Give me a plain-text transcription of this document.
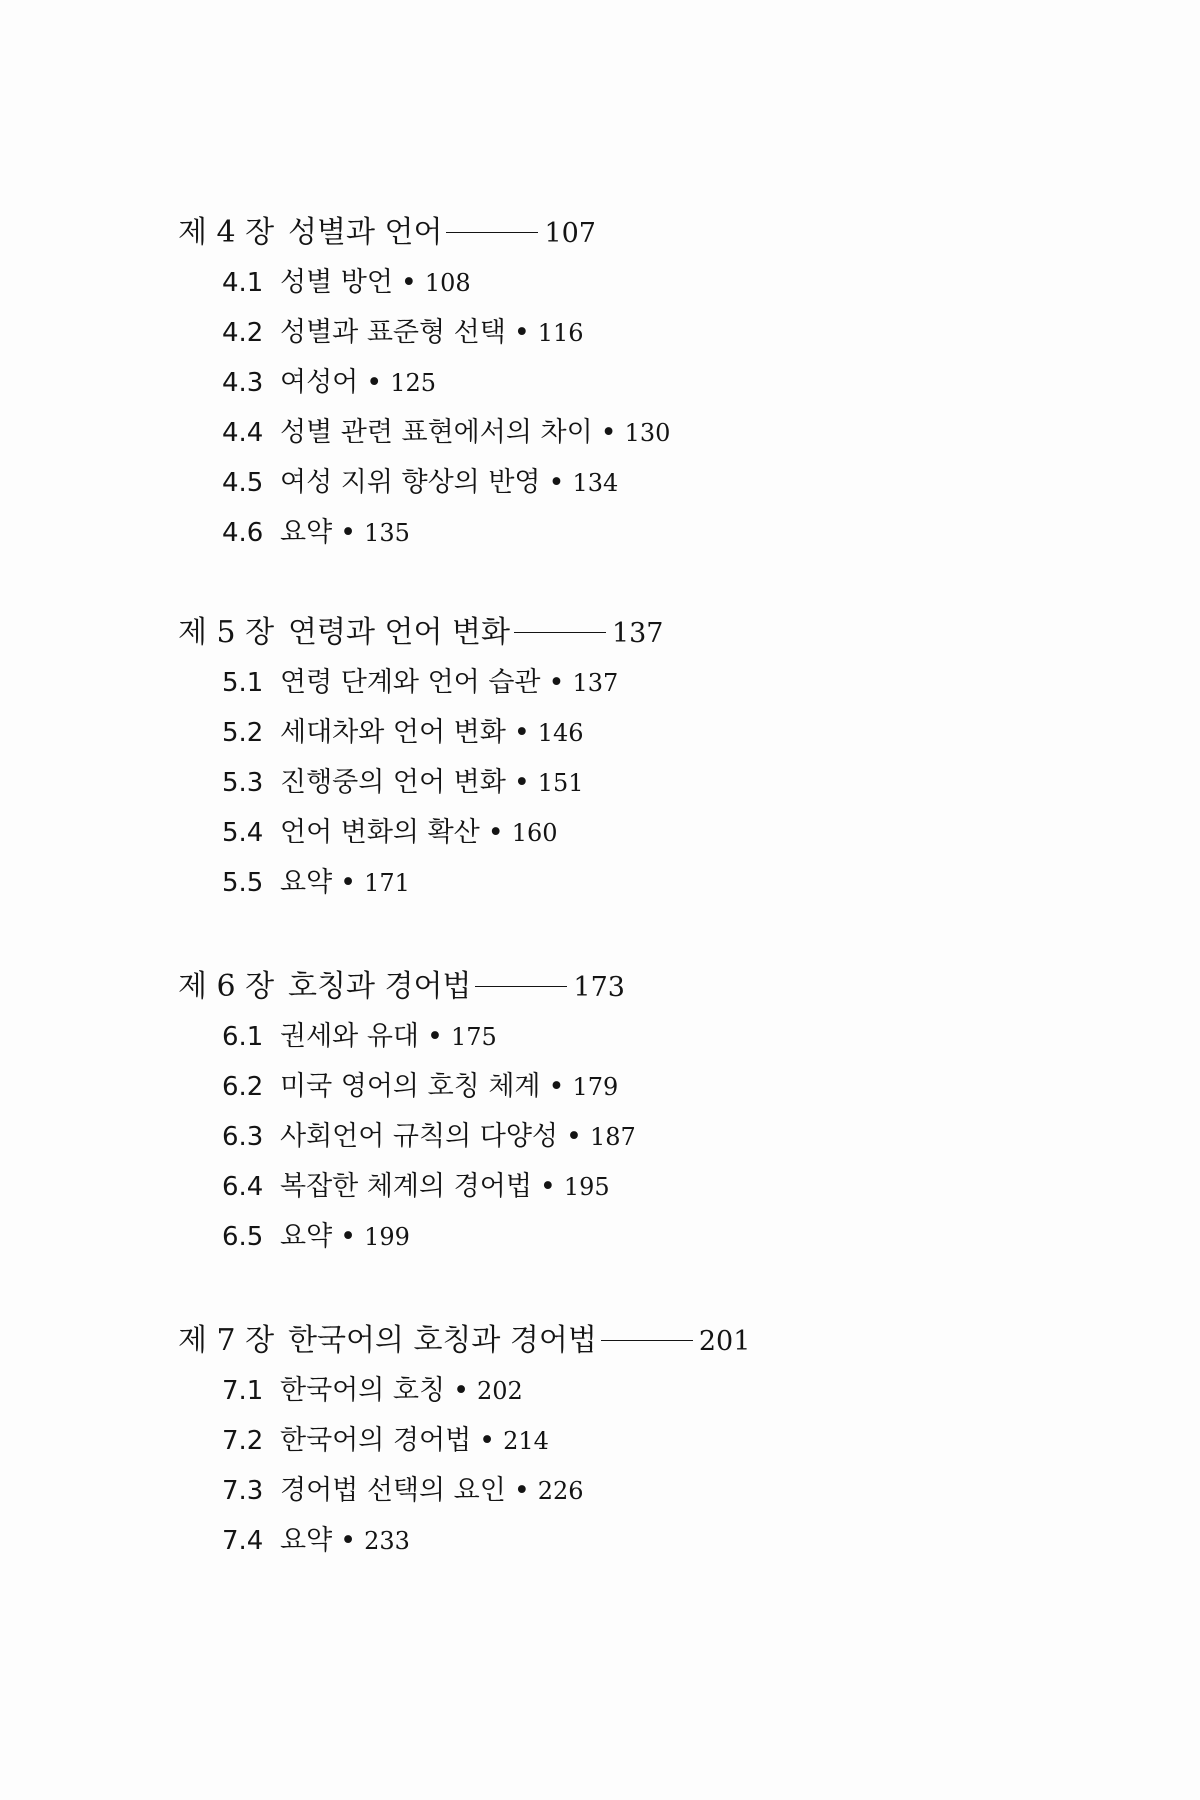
제 4 장 성별과 언어	107
4.1 성별 방언 • 108
4.2 성별과 표준형 선택 • 116
4.3 여성어 • 125
4.4 성별 관련 표현에서의 차이 • 130
4.5 여성 지위 향상의 반영 • 134
4.6 요약 • 135
제 5 장 연령과 언어 변화	137
5.1 연령 단계와 언어 습관 • 137
5.2 세대차와 언어 변화 • 146
5.3 진행중의 언어 변화 • 151
5.4 언어 변화의 확산 • 160
5.5 요약 • 171
제 6 장 호칭과 경어법	173
6.1 권세와 유대 • 175
6.2 미국 영어의 호칭 체계 • 179
6.3 사회언어 규칙의 다양성 • 187
6.4 복잡한 체계의 경어법 • 195
6.5 요약 • 199
제 7 장 한국어의 호칭과 경어법	201
7.1 한국어의 호칭 • 202
7.2 한국어의 경어법 • 214
7.3 경어법 선택의 요인 • 226
7.4 요약 • 233
